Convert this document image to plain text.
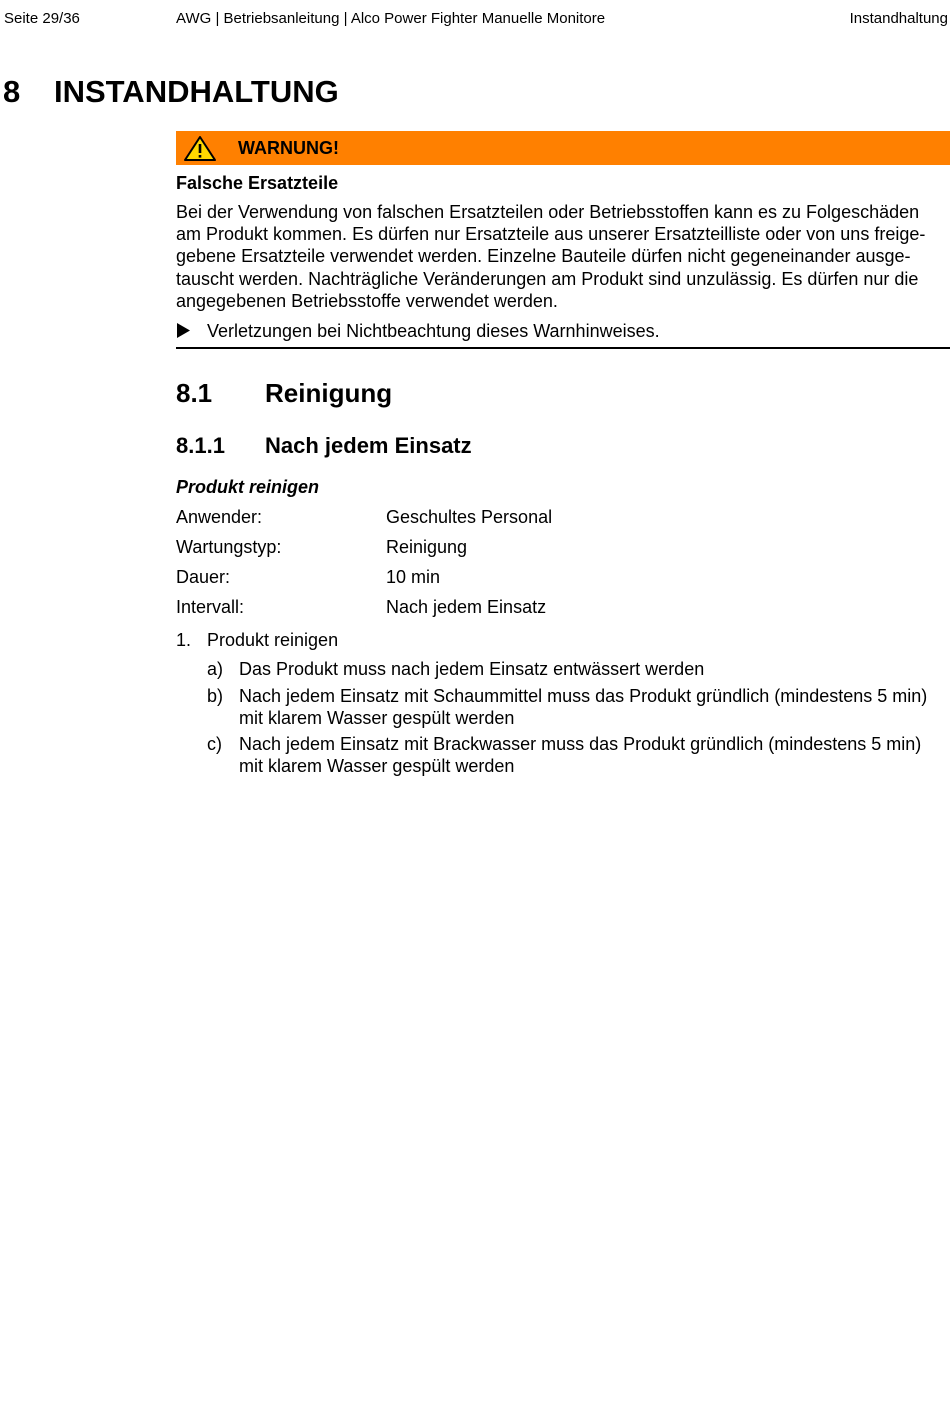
Seite 29/36	AWG | Betriebsanleitung | Alco Power Fighter Manuelle Monitore	Instandhaltung
8 INSTANDHALTUNG
WARNUNG!
Falsche Ersatzteile
Bei der Verwendung von falschen Ersatzteilen oder Betriebsstoffen kann es zu Folgeschäden
am Produkt kommen. Es dürfen nur Ersatzteile aus unserer Ersatzteilliste oder von uns freige-
gebene Ersatzteile verwendet werden. Einzelne Bauteile dürfen nicht gegeneinander ausge-
tauscht werden. Nachträgliche Veränderungen am Produkt sind unzulässig. Es dürfen nur die
angegebenen Betriebsstoffe verwendet werden.
Verletzungen bei Nichtbeachtung dieses Warnhinweises.
8.1 Reinigung
8.1.1 Nach jedem Einsatz
Produkt reinigen
Anwender:	Geschultes Personal
Wartungstyp:	Reinigung
Dauer:	10 min
Intervall:	Nach jedem Einsatz
1. Produkt reinigen
a) Das Produkt muss nach jedem Einsatz entwässert werden
b) Nach jedem Einsatz mit Schaummittel muss das Produkt gründlich (mindestens 5 min)
mit klarem Wasser gespült werden
c) Nach jedem Einsatz mit Brackwasser muss das Produkt gründlich (mindestens 5 min)
mit klarem Wasser gespült werden
